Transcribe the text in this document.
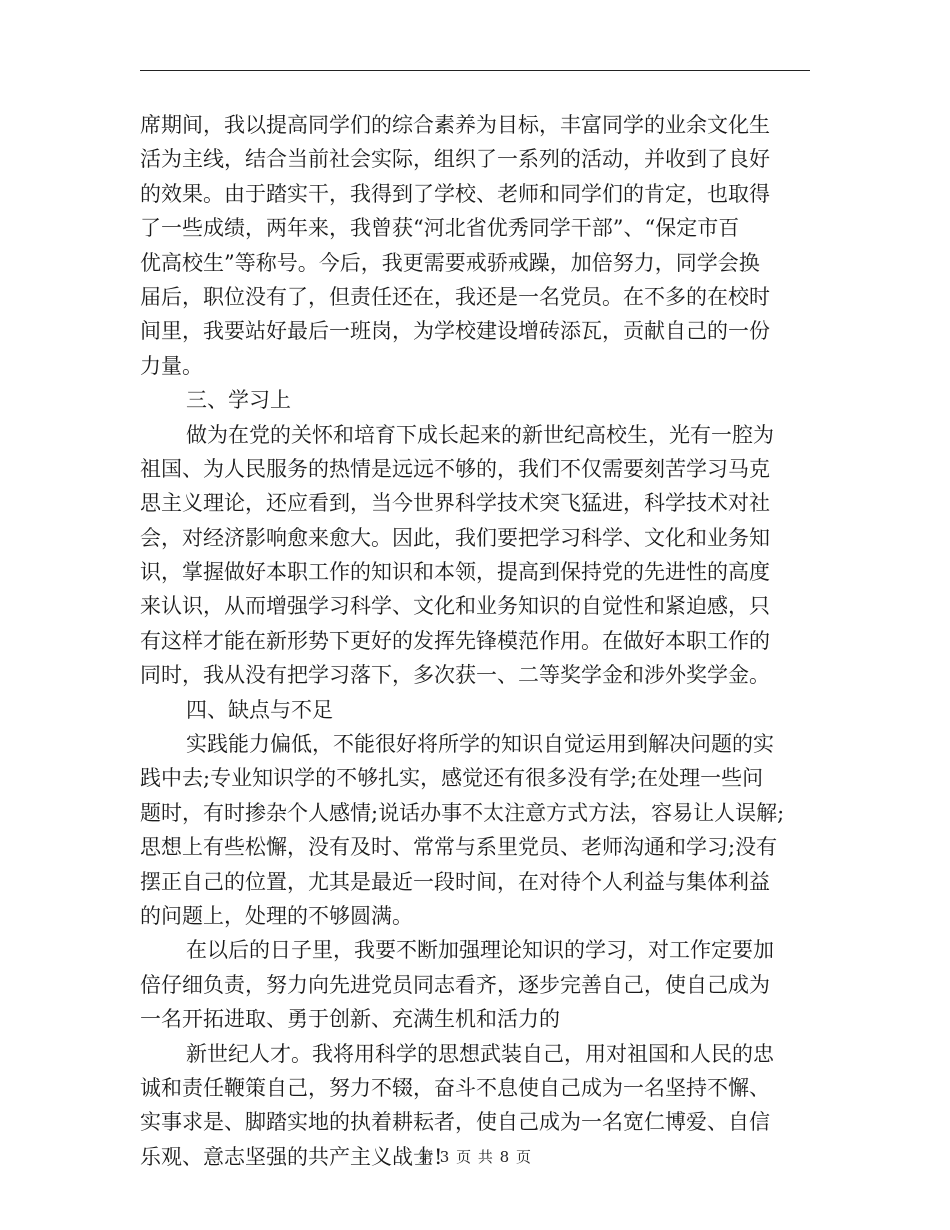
席期间，我以提高同学们的综合素养为目标，丰富同学的业余文化生
活为主线，结合当前社会实际，组织了一系列的活动，并收到了良好
的效果。由于踏实干，我得到了学校、老师和同学们的肯定，也取得
了一些成绩，两年来，我曾获“河北省优秀同学干部”、“保定市百
优高校生”等称号。今后，我更需要戒骄戒躁，加倍努力，同学会换
届后，职位没有了，但责任还在，我还是一名党员。在不多的在校时
间里，我要站好最后一班岗，为学校建设增砖添瓦，贡献自己的一份
力量。
三、学习上
做为在党的关怀和培育下成长起来的新世纪高校生，光有一腔为
祖国、为人民服务的热情是远远不够的，我们不仅需要刻苦学习马克
思主义理论，还应看到，当今世界科学技术突飞猛进，科学技术对社
会，对经济影响愈来愈大。因此，我们要把学习科学、文化和业务知
识，掌握做好本职工作的知识和本领，提高到保持党的先进性的高度
来认识，从而增强学习科学、文化和业务知识的自觉性和紧迫感，只
有这样才能在新形势下更好的发挥先锋模范作用。在做好本职工作的
同时，我从没有把学习落下，多次获一、二等奖学金和涉外奖学金。
四、缺点与不足
实践能力偏低，不能很好将所学的知识自觉运用到解决问题的实
践中去;专业知识学的不够扎实，感觉还有很多没有学;在处理一些问
题时，有时掺杂个人感情;说话办事不太注意方式方法，容易让人误解;
思想上有些松懈，没有及时、常常与系里党员、老师沟通和学习;没有
摆正自己的位置，尤其是最近一段时间，在对待个人利益与集体利益
的问题上，处理的不够圆满。
在以后的日子里，我要不断加强理论知识的学习，对工作定要加
倍仔细负责，努力向先进党员同志看齐，逐步完善自己，使自己成为
一名开拓进取、勇于创新、充满生机和活力的
新世纪人才。我将用科学的思想武装自己，用对祖国和人民的忠
诚和责任鞭策自己，努力不辍，奋斗不息使自己成为一名坚持不懈、
实事求是、脚踏实地的执着耕耘者，使自己成为一名宽仁博爱、自信
乐观、意志坚强的共产主义战士!
第 3 页 共 8 页
